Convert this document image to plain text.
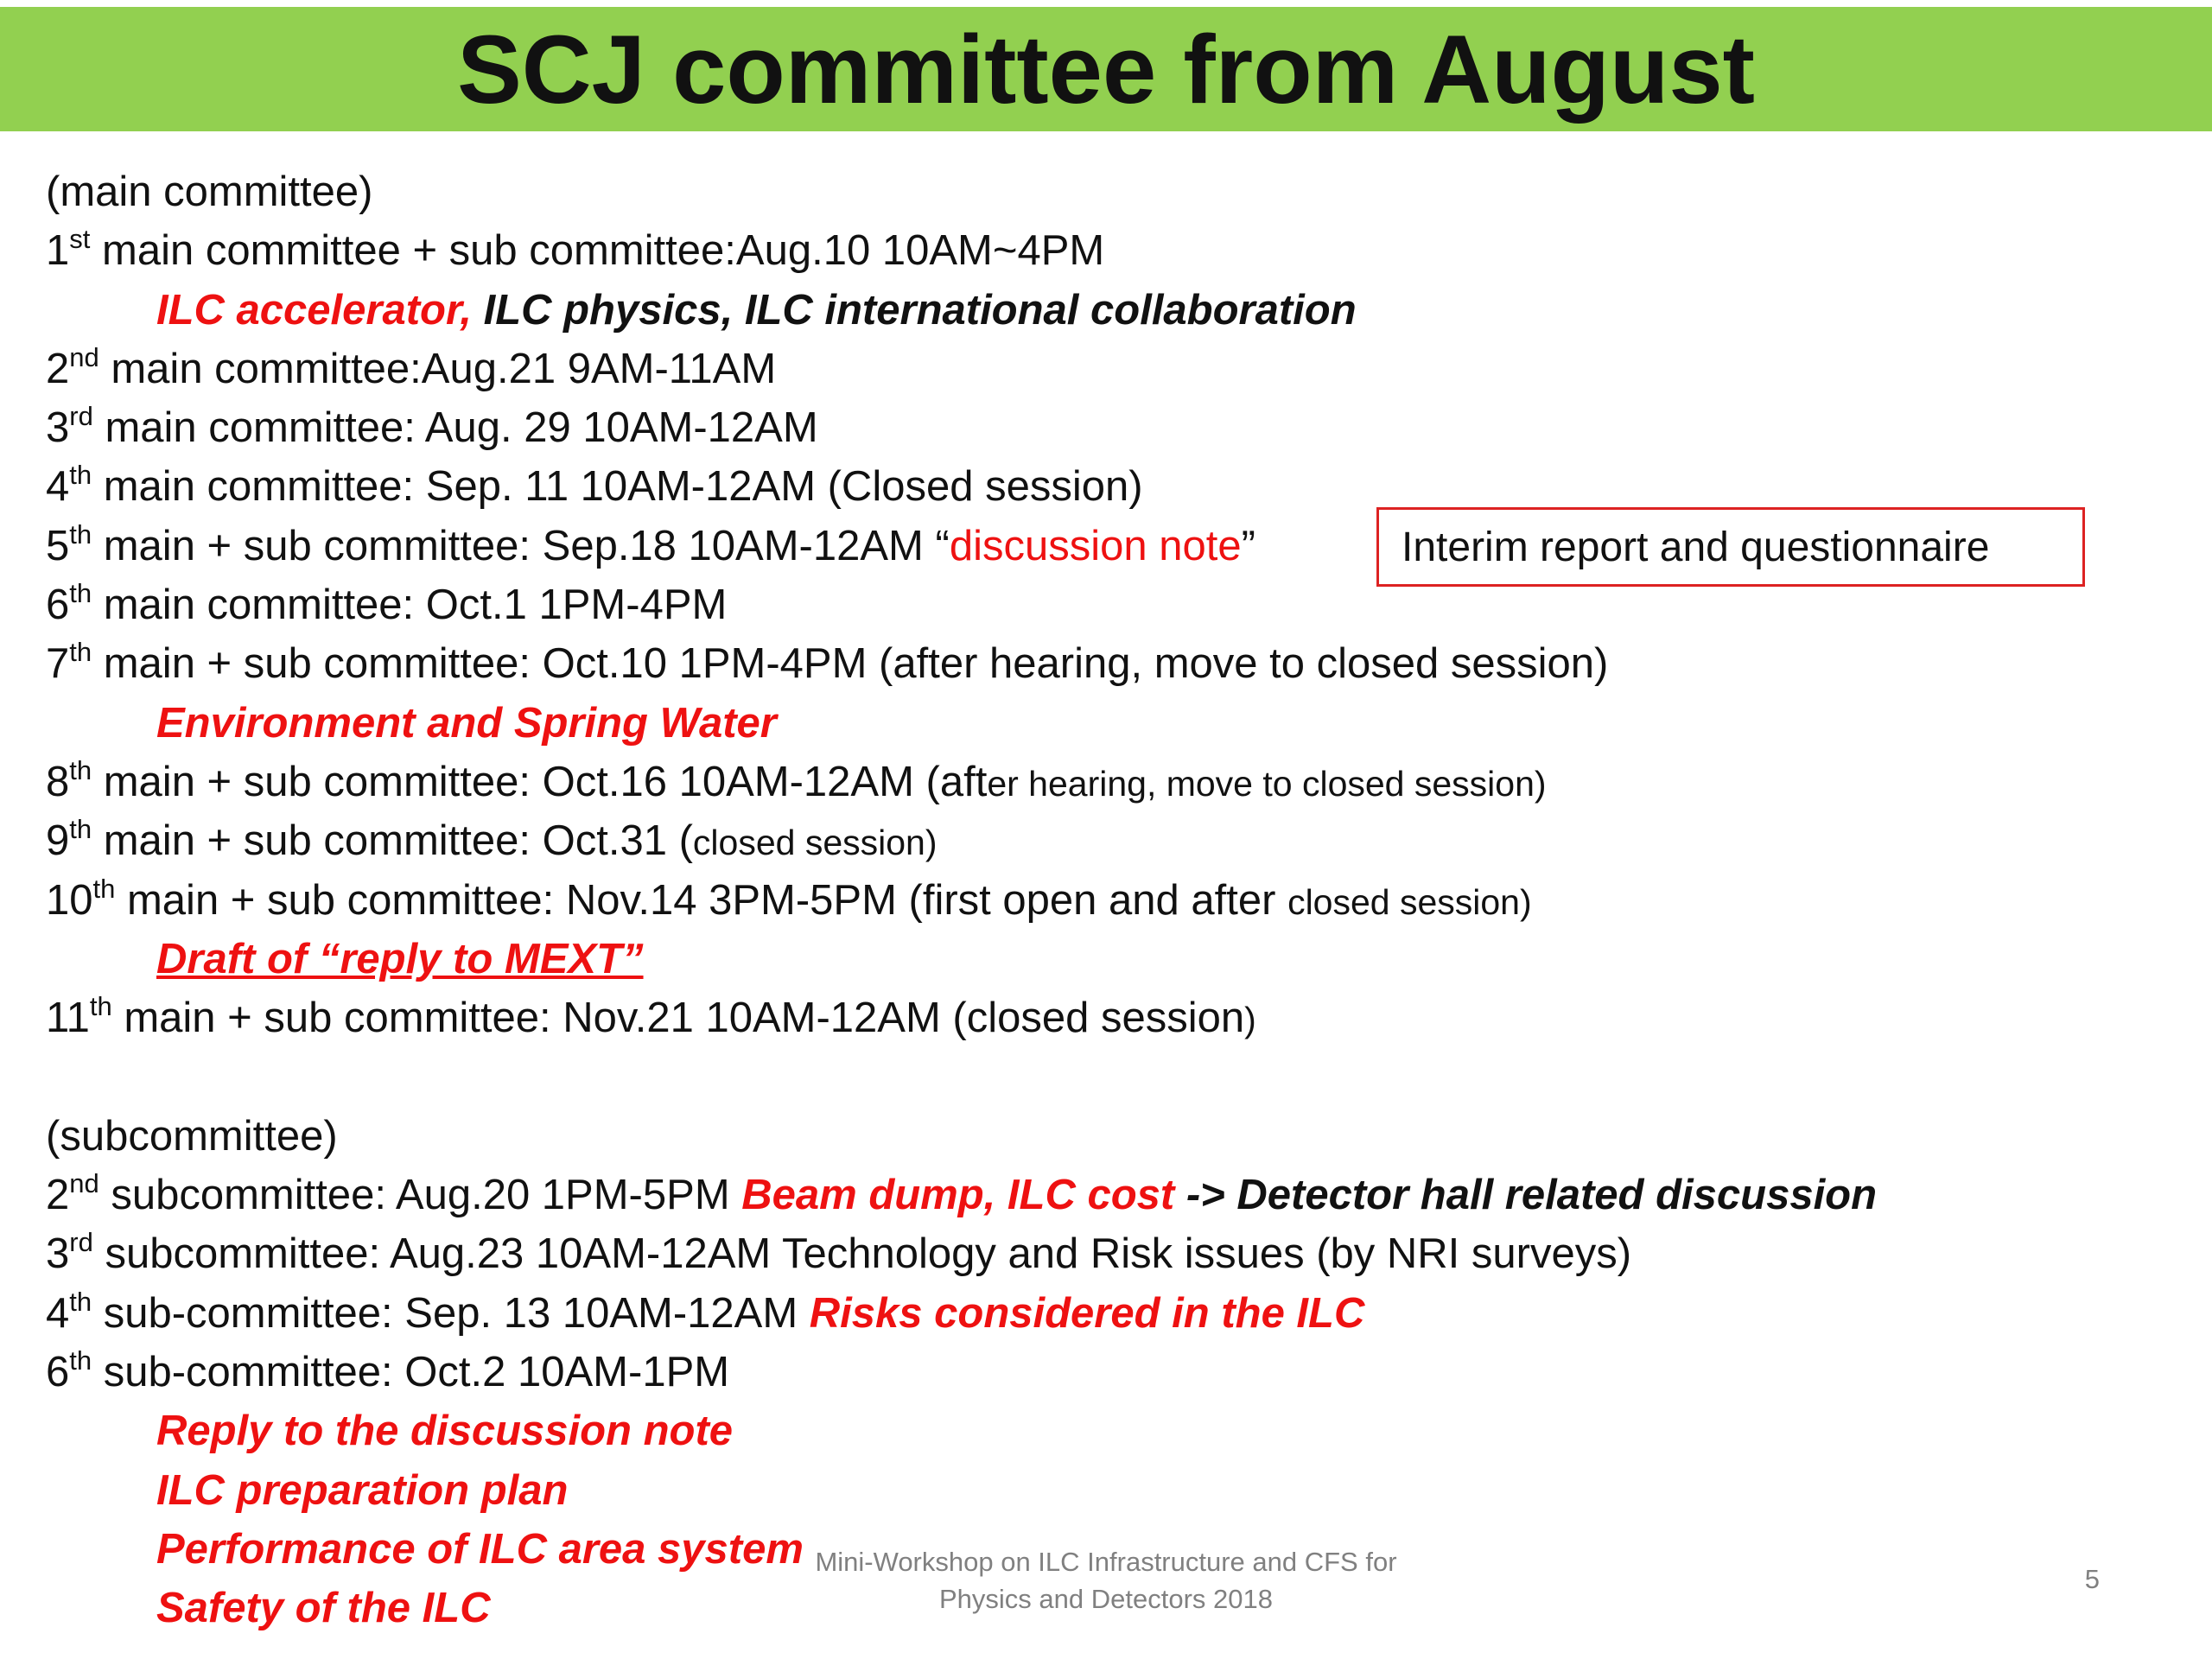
SCJ committee from August
(main committee)
1st main committee + sub committee:Aug.10 10AM~4PM
ILC accelerator, ILC physics, ILC international collaboration
2nd main committee:Aug.21 9AM-11AM
3rd main committee: Aug. 29 10AM-12AM
4th main committee: Sep. 11 10AM-12AM (Closed session)
5th main + sub committee: Sep.18 10AM-12AM “discussion note”
6th main committee: Oct.1 1PM-4PM
7th main + sub committee: Oct.10 1PM-4PM (after hearing, move to closed session)
Environment and Spring Water
8th main + sub committee: Oct.16 10AM-12AM (after hearing, move to closed session)
9th main + sub committee: Oct.31 (closed session)
10th main + sub committee: Nov.14 3PM-5PM (first open and after closed session)
Draft of “reply to MEXT”
11th main + sub committee: Nov.21 10AM-12AM (closed session)
(subcommittee)
2nd subcommittee: Aug.20 1PM-5PM Beam dump, ILC cost -> Detector hall related discussion
3rd subcommittee: Aug.23 10AM-12AM Technology and Risk issues (by NRI surveys)
4th sub-committee: Sep. 13 10AM-12AM Risks considered in the ILC
6th sub-committee: Oct.2 10AM-1PM
Reply to the discussion note
ILC preparation plan
Performance of ILC area system
Safety of the ILC
Interim report and questionnaire
Mini-Workshop on ILC Infrastructure and CFS for
Physics and Detectors 2018
5
